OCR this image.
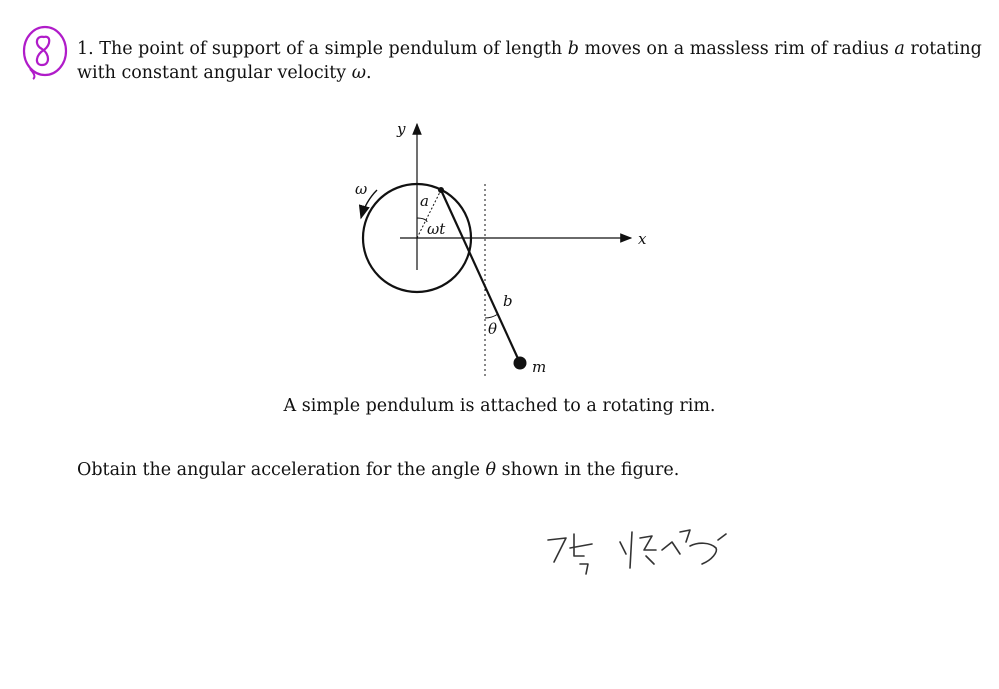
1. The point of support of a simple pendulum of length b moves on a massless rim of radius a rotating with constant angular velocity ω.
y
x
ω
a
ωt
b
θ
m
A simple pendulum is attached to a rotating rim.
Obtain the angular acceleration for the angle θ shown in the figure.
